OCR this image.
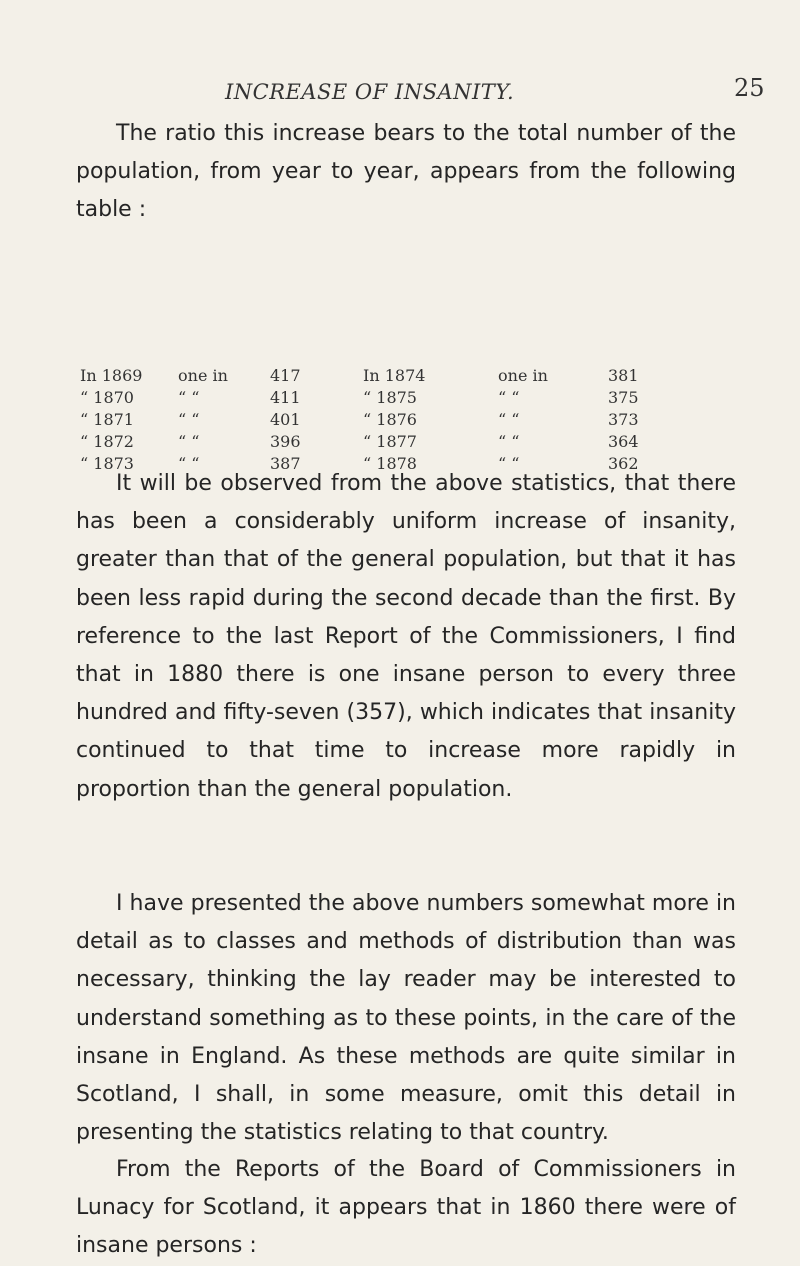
INCREASE OF INSANITY.	25

The ratio this increase bears to the total number of the population, from year to year, appears from the following table :

In 1869 one in	417	In 1874	one in	381
“ 1870	“ “	411	“ 1875	“ “	375
“ 1871	“ “	401	“ 1876	“ “	373
“ 1872	“ “	396	“ 1877	“ “	364
“ 1873	“ “	387	“ 1878	“ “	362

It will be observed from the above statistics, that there has been a considerably uniform increase of insanity, greater than that of the general population, but that it has been less rapid during the second decade than the first. By reference to the last Report of the Commissioners, I find that in 1880 there is one insane person to every three hundred and fifty-seven (357), which indicates that insanity continued to that time to increase more rapidly in proportion than the general population.

I have presented the above numbers somewhat more in detail as to classes and methods of distribution than was necessary, thinking the lay reader may be interested to understand something as to these points, in the care of the insane in England. As these methods are quite similar in Scotland, I shall, in some measure, omit this detail in presenting the statistics relating to that country.

From the Reports of the Board of Commissioners in Lunacy for Scotland, it appears that in 1860 there were of insane persons :
